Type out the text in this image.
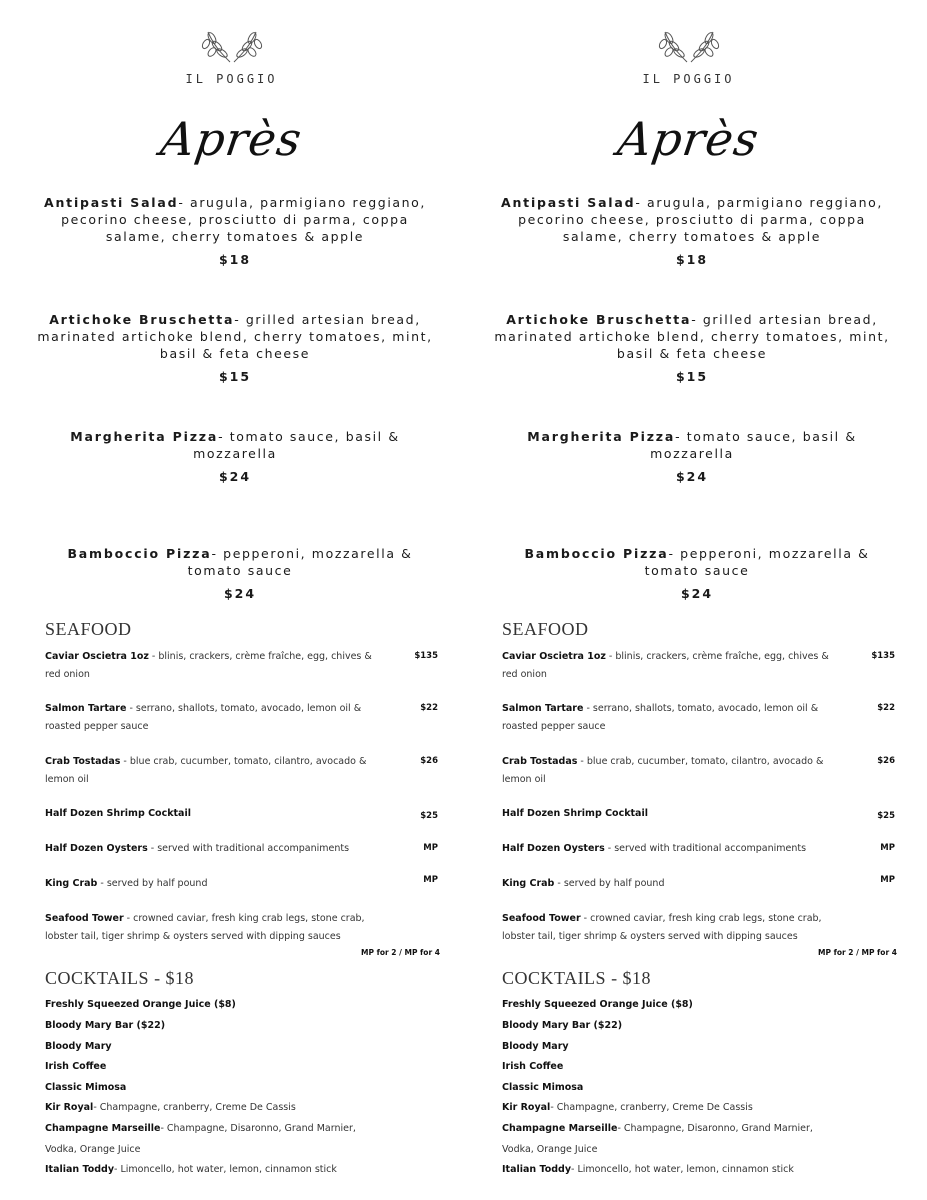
IL POGGIO
Après
Antipasti Salad- arugula, parmigiano reggiano, pecorino cheese, prosciutto di parma, coppa salame, cherry tomatoes & apple
$18
Artichoke Bruschetta- grilled artesian bread, marinated artichoke blend, cherry tomatoes, mint, basil & feta cheese
$15
Margherita Pizza- tomato sauce, basil & mozzarella
$24
Bamboccio Pizza- pepperoni, mozzarella & tomato sauce
$24
SEAFOOD
Caviar Oscietra 1oz - blinis, crackers, crème fraîche, egg, chives & red onion
$135
Salmon Tartare - serrano, shallots, tomato, avocado, lemon oil & roasted pepper sauce
$22
Crab Tostadas - blue crab, cucumber, tomato, cilantro, avocado & lemon oil
$26
Half Dozen Shrimp Cocktail	$25
Half Dozen Oysters - served with traditional accompaniments	MP
King Crab - served by half pound	MP
Seafood Tower - crowned caviar, fresh king crab legs, stone crab, lobster tail, tiger shrimp & oysters served with dipping sauces
MP for 2 / MP for 4
COCKTAILS - $18
Freshly Squeezed Orange Juice ($8)
Bloody Mary Bar ($22)
Bloody Mary
Irish Coffee
Classic Mimosa
Kir Royal- Champagne, cranberry, Creme De Cassis
Champagne Marseille- Champagne, Disaronno, Grand Marnier,
Vodka, Orange Juice
Italian Toddy- Limoncello, hot water, lemon, cinnamon stick
IL POGGIO
Après
Antipasti Salad- arugula, parmigiano reggiano, pecorino cheese, prosciutto di parma, coppa salame, cherry tomatoes & apple
$18
Artichoke Bruschetta- grilled artesian bread, marinated artichoke blend, cherry tomatoes, mint, basil & feta cheese
$15
Margherita Pizza- tomato sauce, basil & mozzarella
$24
Bamboccio Pizza- pepperoni, mozzarella & tomato sauce
$24
SEAFOOD
Caviar Oscietra 1oz - blinis, crackers, crème fraîche, egg, chives & red onion
$135
Salmon Tartare - serrano, shallots, tomato, avocado, lemon oil & roasted pepper sauce
$22
Crab Tostadas - blue crab, cucumber, tomato, cilantro, avocado & lemon oil
$26
Half Dozen Shrimp Cocktail	$25
Half Dozen Oysters - served with traditional accompaniments	MP
King Crab - served by half pound	MP
Seafood Tower - crowned caviar, fresh king crab legs, stone crab, lobster tail, tiger shrimp & oysters served with dipping sauces
MP for 2 / MP for 4
COCKTAILS - $18
Freshly Squeezed Orange Juice ($8)
Bloody Mary Bar ($22)
Bloody Mary
Irish Coffee
Classic Mimosa
Kir Royal- Champagne, cranberry, Creme De Cassis
Champagne Marseille- Champagne, Disaronno, Grand Marnier,
Vodka, Orange Juice
Italian Toddy- Limoncello, hot water, lemon, cinnamon stick
